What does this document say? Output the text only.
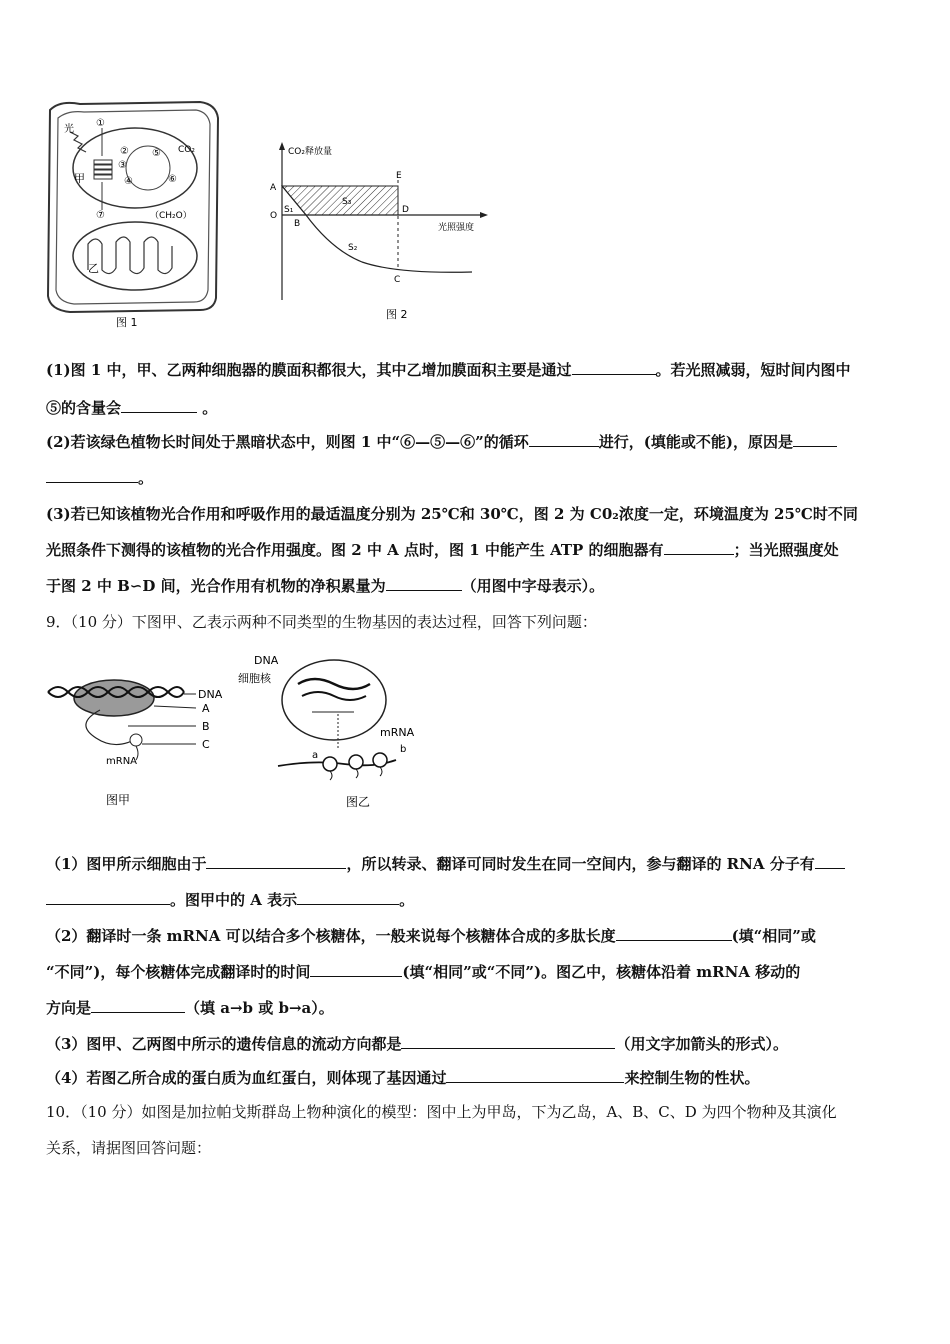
光
甲
乙
CO₂
（CH₂O）
①
②
③
④
⑤
⑥
⑦
图 1
CO₂释放量
光照强度
A
O
B
C
D
E
S₁
S₂
S₃
图 2
(1)图 1 中，甲、乙两种细胞器的膜面积都很大，其中乙增加膜面积主要是通过	。若光照减弱，短时间内图中
⑤的含量会	。
(2)若该绿色植物长时间处于黑暗状态中，则图 1 中“⑥—⑤—⑥”的循环	进行，(填能或不能)，原因是
。
(3)若已知该植物光合作用和呼吸作用的最适温度分别为 25℃和 30℃，图 2 为 C0₂浓度一定，环境温度为 25℃时不同
光照条件下测得的该植物的光合作用强度。图 2 中 A 点时，图 1 中能产生 ATP 的细胞器有	；当光照强度处
于图 2 中 B∽D 间，光合作用有机物的净积累量为	（用图中字母表示）。
9．（10 分）下图甲、乙表示两种不同类型的生物基因的表达过程，回答下列问题：
DNA
A
B
C
mRNA
图甲
DNA
细胞核
mRNA
a
b
图乙
（1）图甲所示细胞由于	，所以转录、翻译可同时发生在同一空间内，参与翻译的 RNA 分子有
。图甲中的 A 表示	。
（2）翻译时一条 mRNA 可以结合多个核糖体，一般来说每个核糖体合成的多肽长度	(填“相同”或
“不同”)，每个核糖体完成翻译时的时间	(填“相同”或“不同”)。图乙中，核糖体沿着 mRNA 移动的
方向是	（填 a→b 或 b→a）。
（3）图甲、乙两图中所示的遗传信息的流动方向都是	（用文字加箭头的形式）。
（4）若图乙所合成的蛋白质为血红蛋白，则体现了基因通过	来控制生物的性状。
10．（10 分）如图是加拉帕戈斯群岛上物种演化的模型：图中上为甲岛，下为乙岛，A、B、C、D 为四个物种及其演化
关系，请据图回答问题：
